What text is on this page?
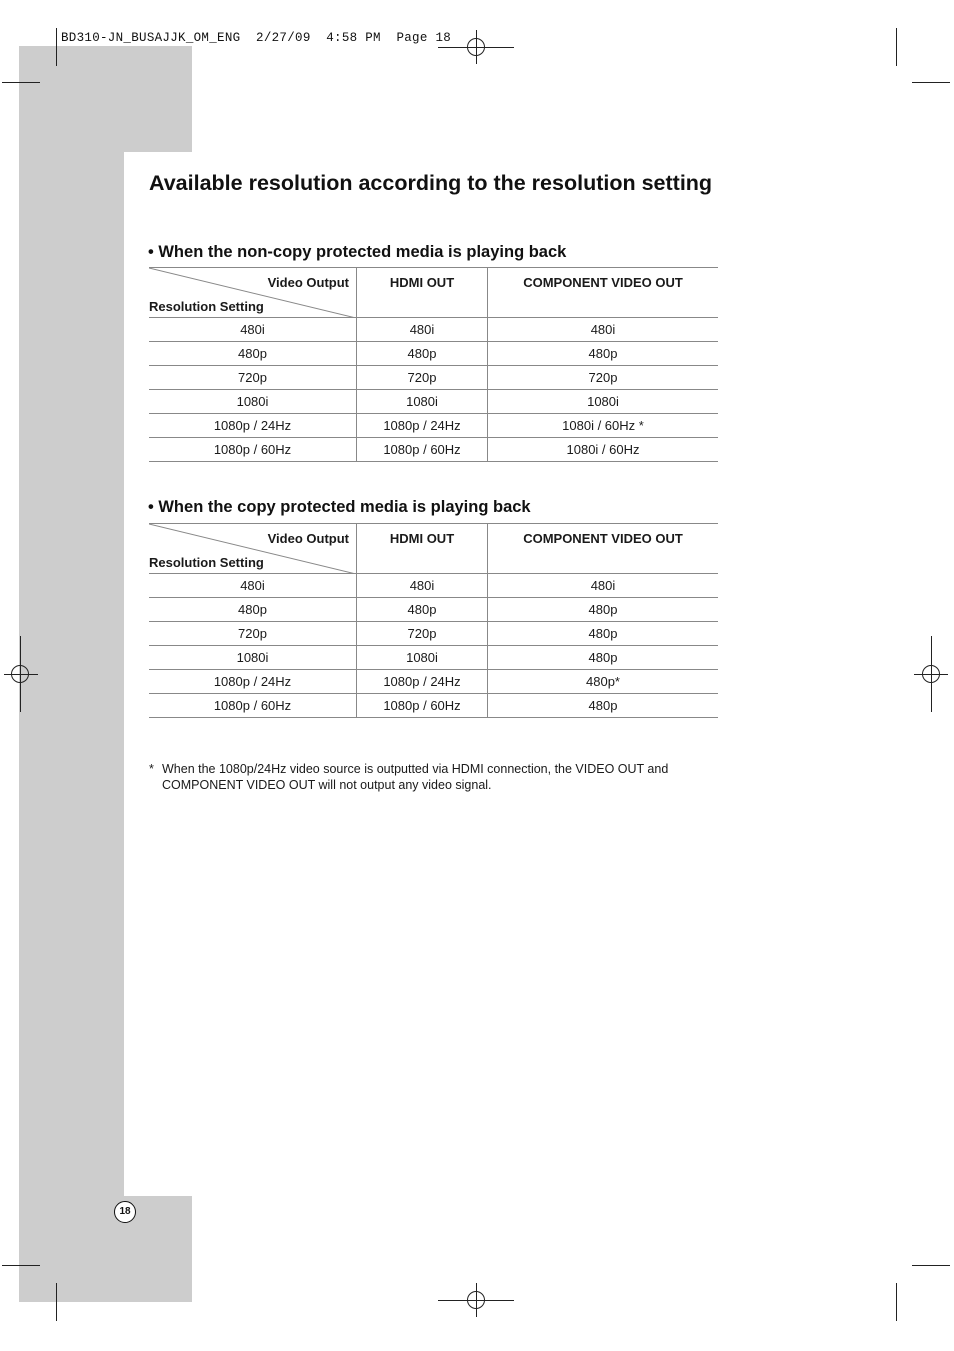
BD310-JN_BUSAJJK_OM_ENG  2/27/09  4:58 PM  Page 18
Available resolution according to the resolution setting
• When the non-copy protected media is playing back
Video Output
Resolution Setting	HDMI OUT	COMPONENT VIDEO OUT
480i	480i	480i
480p	480p	480p
720p	720p	720p
1080i	1080i	1080i
1080p / 24Hz	1080p / 24Hz	1080i / 60Hz *
1080p / 60Hz	1080p / 60Hz	1080i / 60Hz
• When the copy protected media is playing back
Video Output
Resolution Setting	HDMI OUT	COMPONENT VIDEO OUT
480i	480i	480i
480p	480p	480p
720p	720p	480p
1080i	1080i	480p
1080p / 24Hz	1080p / 24Hz	480p*
1080p / 60Hz	1080p / 60Hz	480p
* When the 1080p/24Hz video source is outputted via HDMI connection, the VIDEO OUT and COMPONENT VIDEO OUT will not output any video signal.
18
